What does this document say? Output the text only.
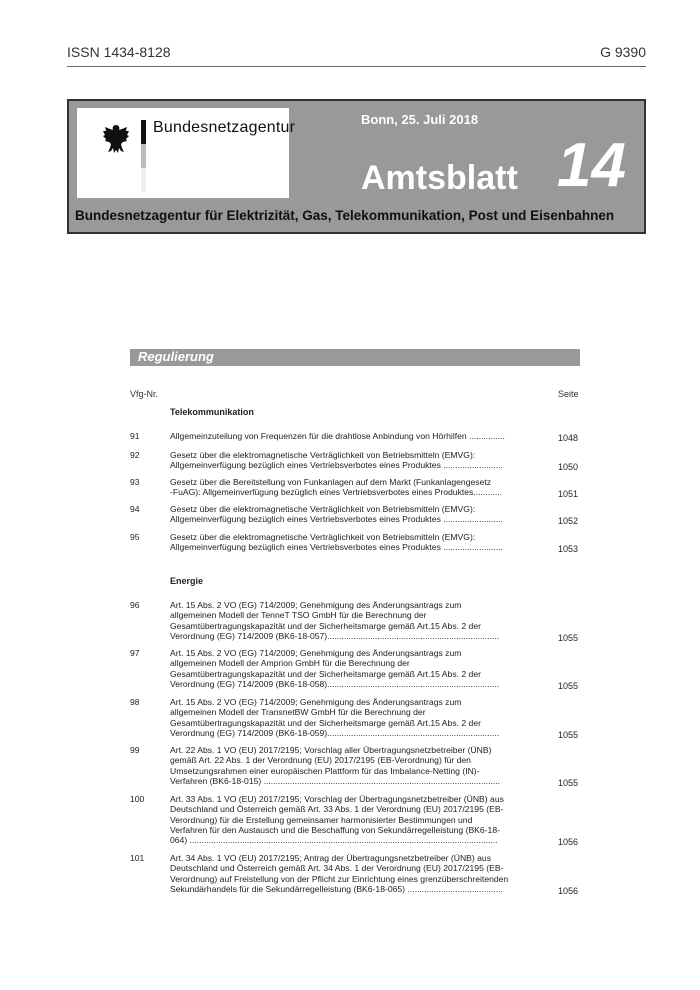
ISSN 1434-8128	G 9390
Bundesnetzagentur	Bonn, 25. Juli 2018
Amtsblatt 14
Bundesnetzagentur für Elektrizität, Gas, Telekommunikation, Post und Eisenbahnen
Regulierung
Vfg-Nr.	Seite
Telekommunikation
91	Allgemeinzuteilung von Frequenzen für die drahtlose Anbindung von Hörhilfen ...............	1048
92	Gesetz über die elektromagnetische Verträglichkeit von Betriebsmitteln (EMVG):
Allgemeinverfügung bezüglich eines Vertriebsverbotes eines Produktes .........................	1050
93	Gesetz über die Bereitstellung von Funkanlagen auf dem Markt (Funkanlagengesetz
-FuAG): Allgemeinverfügung bezüglich eines Vertriebsverbotes eines Produktes............	1051
94	Gesetz über die elektromagnetische Verträglichkeit von Betriebsmitteln (EMVG):
Allgemeinverfügung bezüglich eines Vertriebsverbotes eines Produktes .........................	1052
95	Gesetz über die elektromagnetische Verträglichkeit von Betriebsmitteln (EMVG):
Allgemeinverfügung bezüglich eines Vertriebsverbotes eines Produktes .........................	1053
Energie
96	Art. 15 Abs. 2 VO (EG) 714/2009; Genehmigung des Änderungsantrags zum
allgemeinen Modell der TenneT TSO GmbH für die Berechnung der
Gesamtübertragungskapazität und der Sicherheitsmarge gemäß Art.15 Abs. 2 der
Verordnung (EG) 714/2009 (BK6-18-057)........................................................................	1055
97	Art. 15 Abs. 2 VO (EG) 714/2009; Genehmigung des Änderungsantrags zum
allgemeinen Modell der Amprion GmbH für die Berechnung der
Gesamtübertragungskapazität und der Sicherheitsmarge gemäß Art.15 Abs. 2 der
Verordnung (EG) 714/2009 (BK6-18-058)........................................................................	1055
98	Art. 15 Abs. 2 VO (EG) 714/2009; Genehmigung des Änderungsantrags zum
allgemeinen Modell der TransnetBW GmbH für die Berechnung der
Gesamtübertragungskapazität und der Sicherheitsmarge gemäß Art.15 Abs. 2 der
Verordnung (EG) 714/2009 (BK6-18-059)........................................................................	1055
99	Art. 22 Abs. 1 VO (EU) 2017/2195; Vorschlag aller Übertragungsnetzbetreiber (ÜNB)
gemäß Art. 22 Abs. 1 der Verordnung (EU) 2017/2195 (EB-Verordnung) für den
Umsetzungsrahmen einer europäischen Plattform für das Imbalance-Netting (IN)-
Verfahren (BK6-18-015) ...................................................................................................	1055
100	Art. 33 Abs. 1 VO (EU) 2017/2195; Vorschlag der Übertragungsnetzbetreiber (ÜNB) aus
Deutschland und Österreich gemäß Art. 33 Abs. 1 der Verordnung (EU) 2017/2195 (EB-
Verordnung) für die Erstellung gemeinsamer harmonisierter Bestimmungen und
Verfahren für den Austausch und die Beschaffung von Sekundärregelleistung (BK6-18-
064) .................................................................................................................................	1056
101	Art. 34 Abs. 1 VO (EU) 2017/2195; Antrag der Übertragungsnetzbetreiber (ÜNB) aus
Deutschland und Österreich gemäß Art. 34 Abs. 1 der Verordnung (EU) 2017/2195 (EB-
Verordnung) auf Freistellung von der Pflicht zur Einrichtung eines grenzüberschreitenden
Sekundärhandels für die Sekundärregelleistung (BK6-18-065) ........................................	1056
